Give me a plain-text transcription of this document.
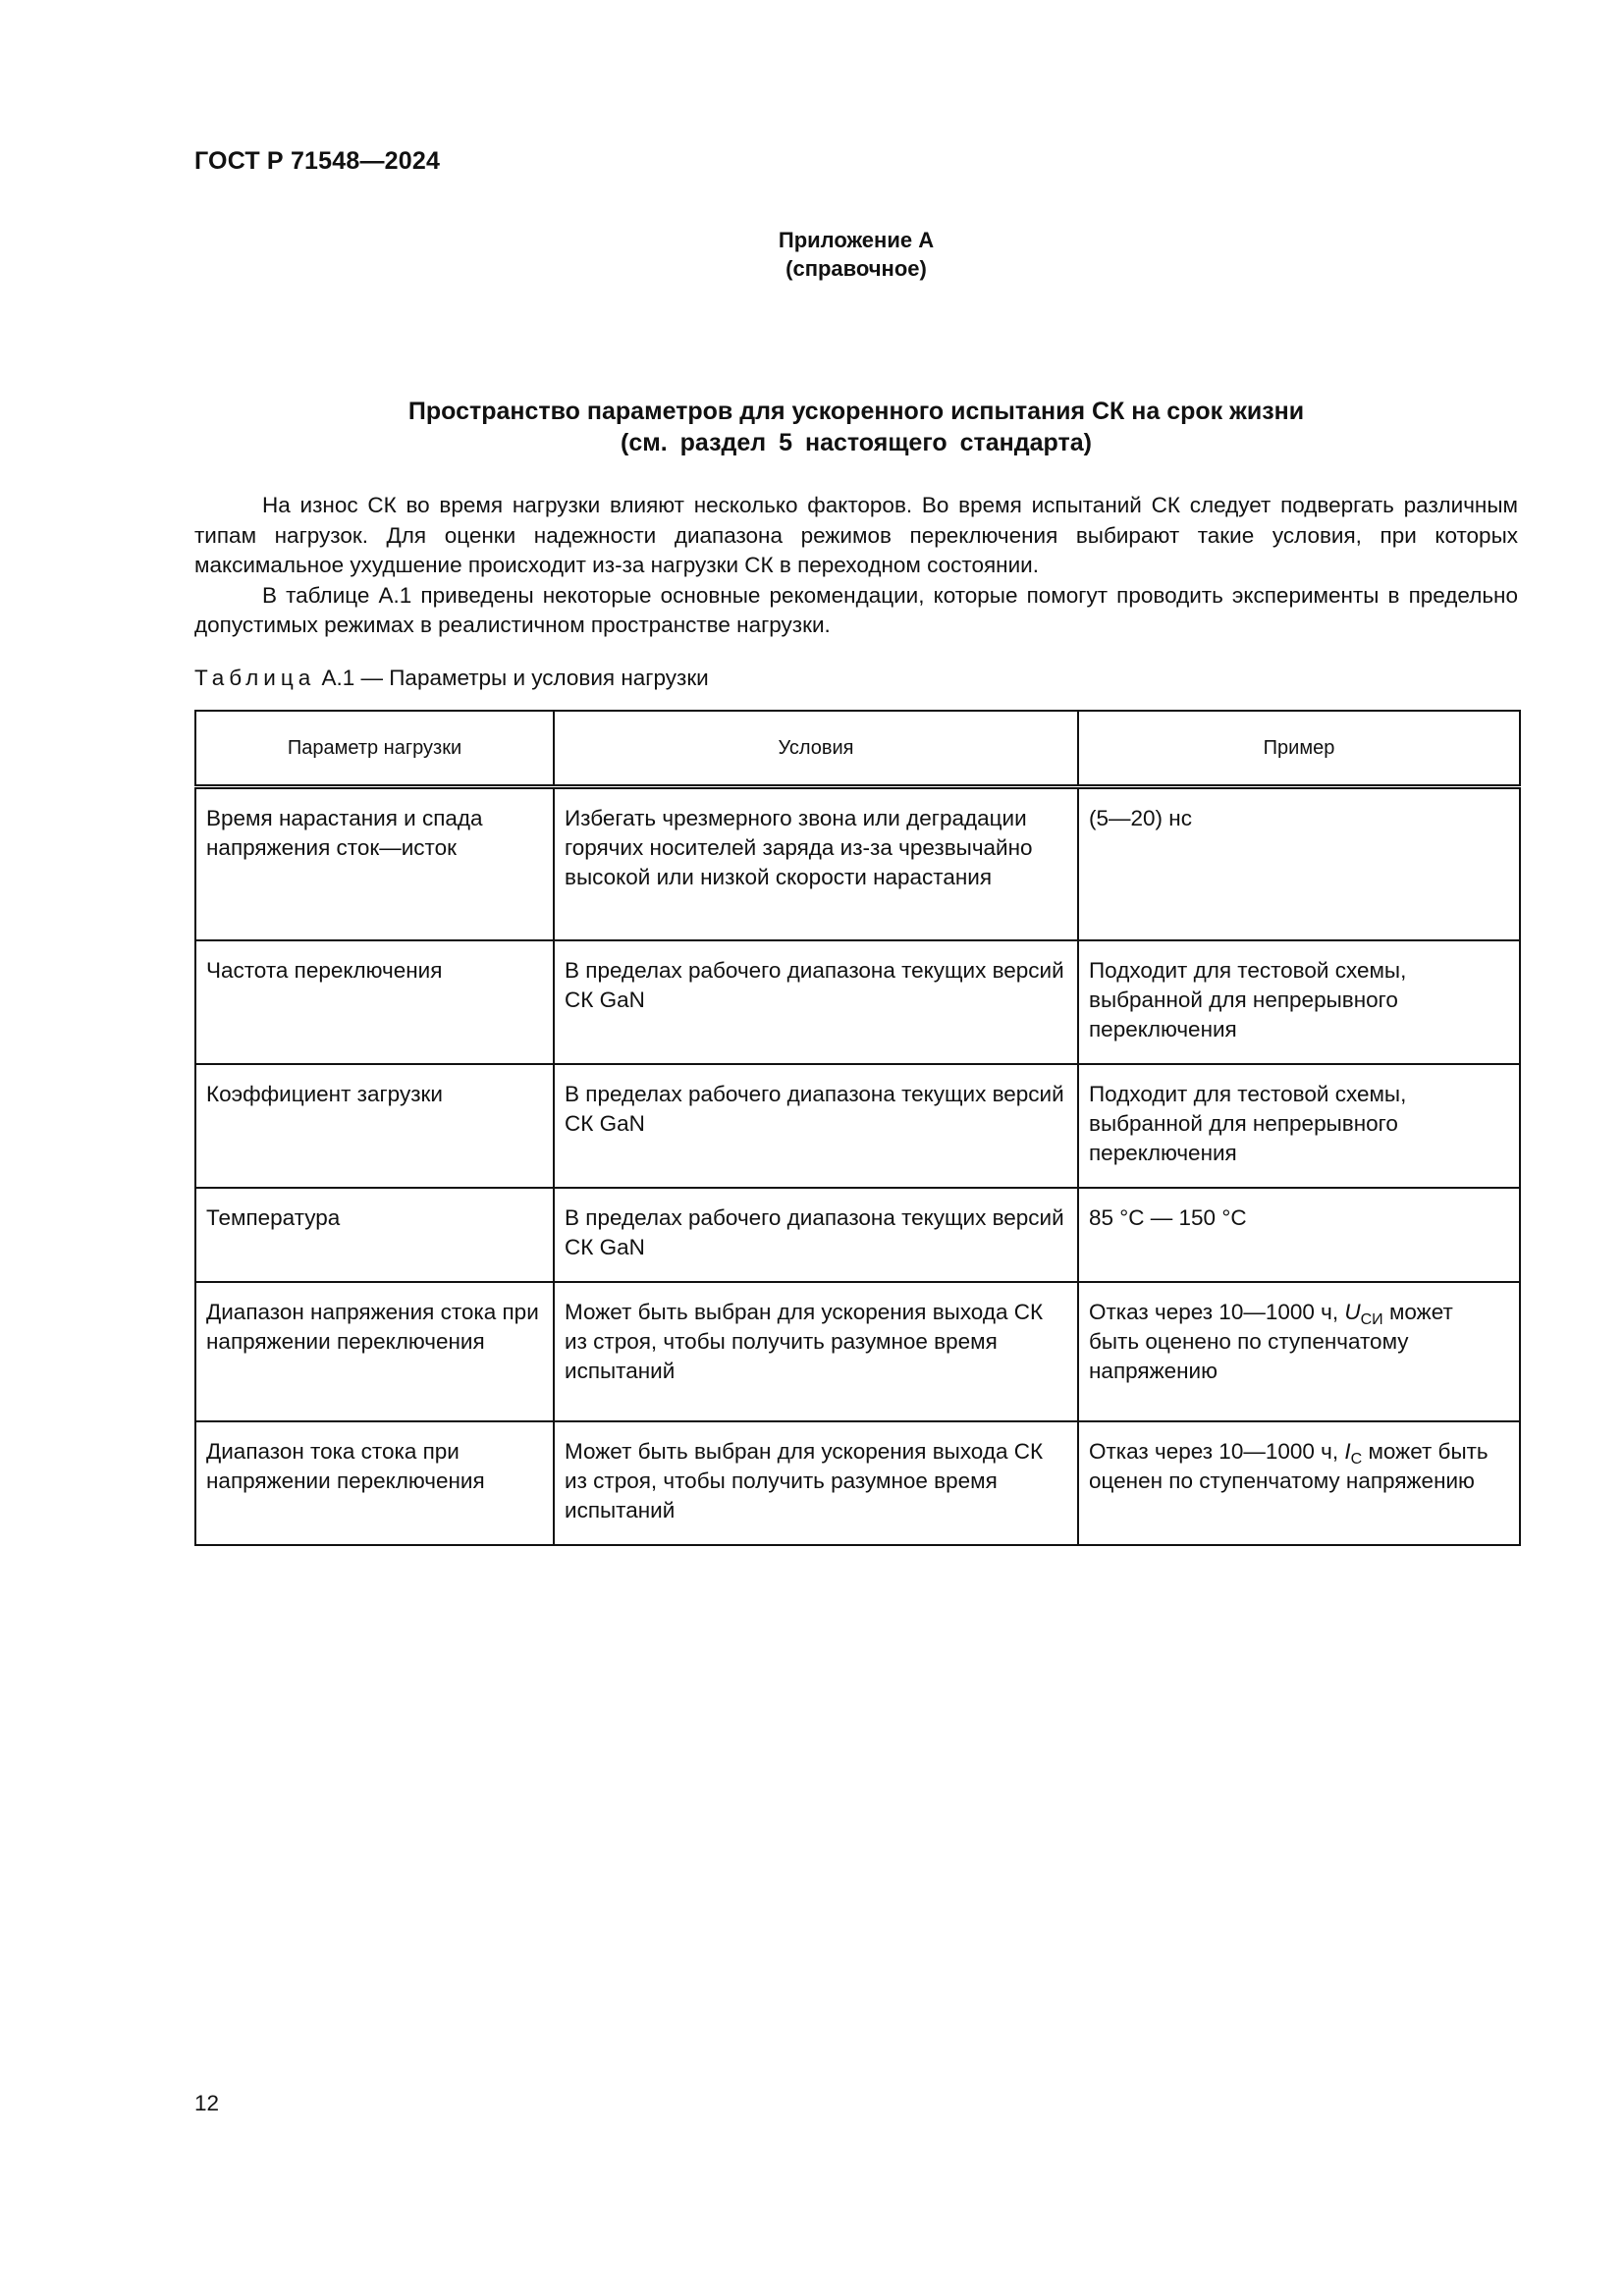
ГОСТ Р 71548—2024
Приложение А
(справочное)
Пространство параметров для ускоренного испытания СК на срок жизни
(см. раздел 5 настоящего стандарта)

На износ СК во время нагрузки влияют несколько факторов. Во время испытаний СК следует подвергать различным типам нагрузок. Для оценки надежности диапазона режимов переключения выбирают такие условия, при которых максимальное ухудшение происходит из-за нагрузки СК в переходном состоянии.

В таблице А.1 приведены некоторые основные рекомендации, которые помогут проводить эксперименты в предельно допустимых режимах в реалистичном пространстве нагрузки.

Таблица А.1 — Параметры и условия нагрузки
Параметр нагрузки	Условия	Пример
Время нарастания и спада напряжения сток—исток	Избегать чрезмерного звона или деградации горячих носителей заряда из-за чрезвычайно высокой или низкой скорости нарастания	(5—20) нс
Частота переключения	В пределах рабочего диапазона текущих версий СК GaN	Подходит для тестовой схемы, выбранной для непрерывного переключения
Коэффициент загрузки	В пределах рабочего диапазона текущих версий СК GaN	Подходит для тестовой схемы, выбранной для непрерывного переключения
Температура	В пределах рабочего диапазона текущих версий СК GaN	85 °C — 150 °C
Диапазон напряжения стока при напряжении переключения	Может быть выбран для ускорения выхода СК из строя, чтобы получить разумное время испытаний	Отказ через 10—1000 ч, $U_{СИ}$ может быть оценено по ступенчатому напряжению
Диапазон тока стока при напряжении переключения	Может быть выбран для ускорения выхода СК из строя, чтобы получить разумное время испытаний	Отказ через 10—1000 ч, $I_С$ может быть оценен по ступенчатому напряжению
12
